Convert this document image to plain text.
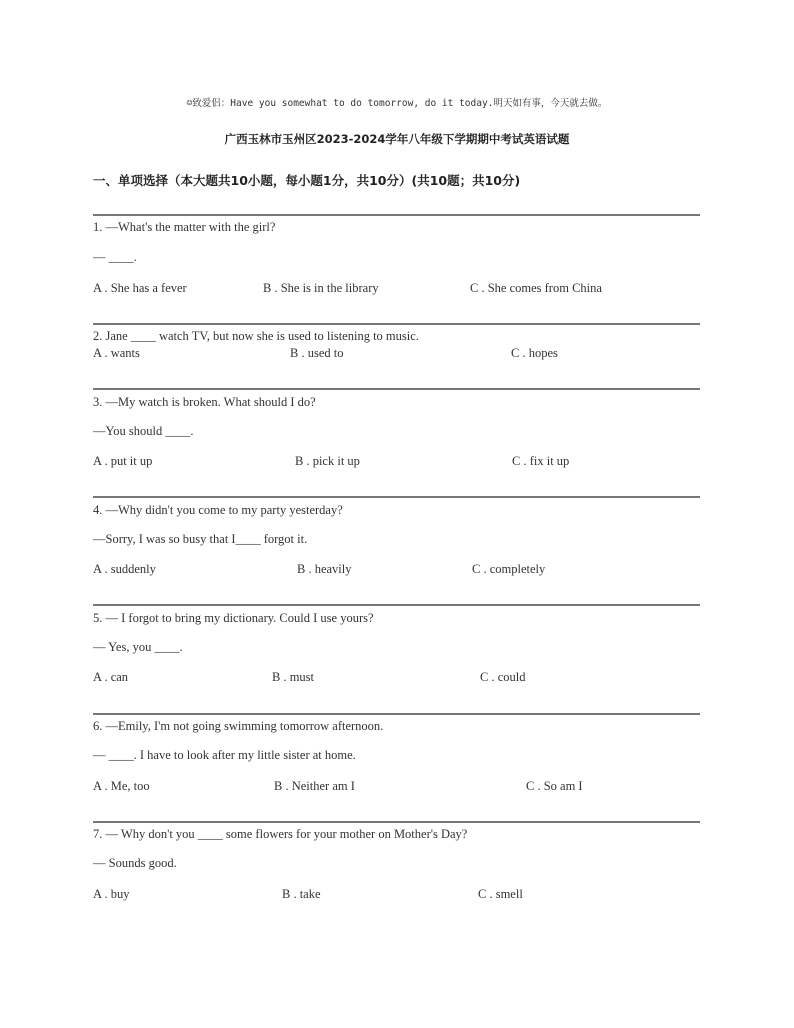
☺致爱侣：Have you somewhat to do tomorrow, do it today.明天如有事，今天就去做。
广西玉林市玉州区2023-2024学年八年级下学期期中考试英语试题
一、单项选择（本大题共10小题，每小题1分，共10分）(共10题；共10分)
1. —What's the matter with the girl?
— ____.
A . She has a fever	B . She is in the library	C . She comes from China
2. Jane ____ watch TV, but now she is used to listening to music.
A . wants	B . used to	C . hopes
3. —My watch is broken. What should I do?
—You should ____.
A . put it up	B . pick it up	C . fix it up
4. —Why didn't you come to my party yesterday?
—Sorry, I was so busy that I____ forgot it.
A . suddenly	B . heavily	C . completely
5. — I forgot to bring my dictionary. Could I use yours?
— Yes, you ____.
A . can	B . must	C . could
6. —Emily, I'm not going swimming tomorrow afternoon.
— ____. I have to look after my little sister at home.
A . Me, too	B . Neither am I	C . So am I
7. — Why don't you ____ some flowers for your mother on Mother's Day?
— Sounds good.
A . buy	B . take	C . smell
